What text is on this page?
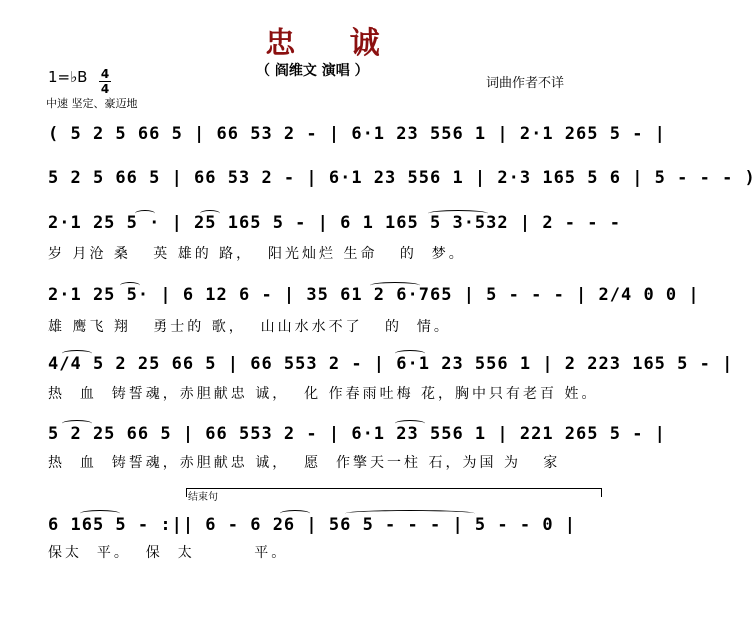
忠 诚
（ 阎维文 演唱 ）
词曲作者不详
1=♭B 4
4
中速 坚定、豪迈地
( 5 2 5 66 5 | 66 53 2 - | 6·1 23 556 1 | 2·1 265 5 - |
5 2 5 66 5 | 66 53 2 - | 6·1 23 556 1 | 2·3 165 5 6 | 5 - - - )
2·1 25 5 · | 25 165 5 - | 6 1 165 5 3·532 | 2 - - -
岁 月沧 桑   英 雄的 路，  阳光灿烂 生命   的  梦。
2·1 25 5· | 6 12 6 - | 35 61 2 6·765 | 5 - - - | 2/4 0 0 |
雄 鹰飞 翔   勇士的 歌，  山山水水不了   的  情。
4/4 5 2 25 66 5 | 66 553 2 - | 6·1 23 556 1 | 2 223 165 5 - |
热  血  铸誓魂，赤胆献忠 诚，  化 作春雨吐梅 花，胸中只有老百 姓。
5 2 25 66 5 | 66 553 2 - | 6·1 23 556 1 | 221 265 5 - |
热  血  铸誓魂，赤胆献忠 诚，  愿  作擎天一柱 石，为国 为   家
结束句
6 165 5 - :|| 6 - 6 26 | 56 5 - - - | 5 - - 0 |
保太  平。  保  太        平。
